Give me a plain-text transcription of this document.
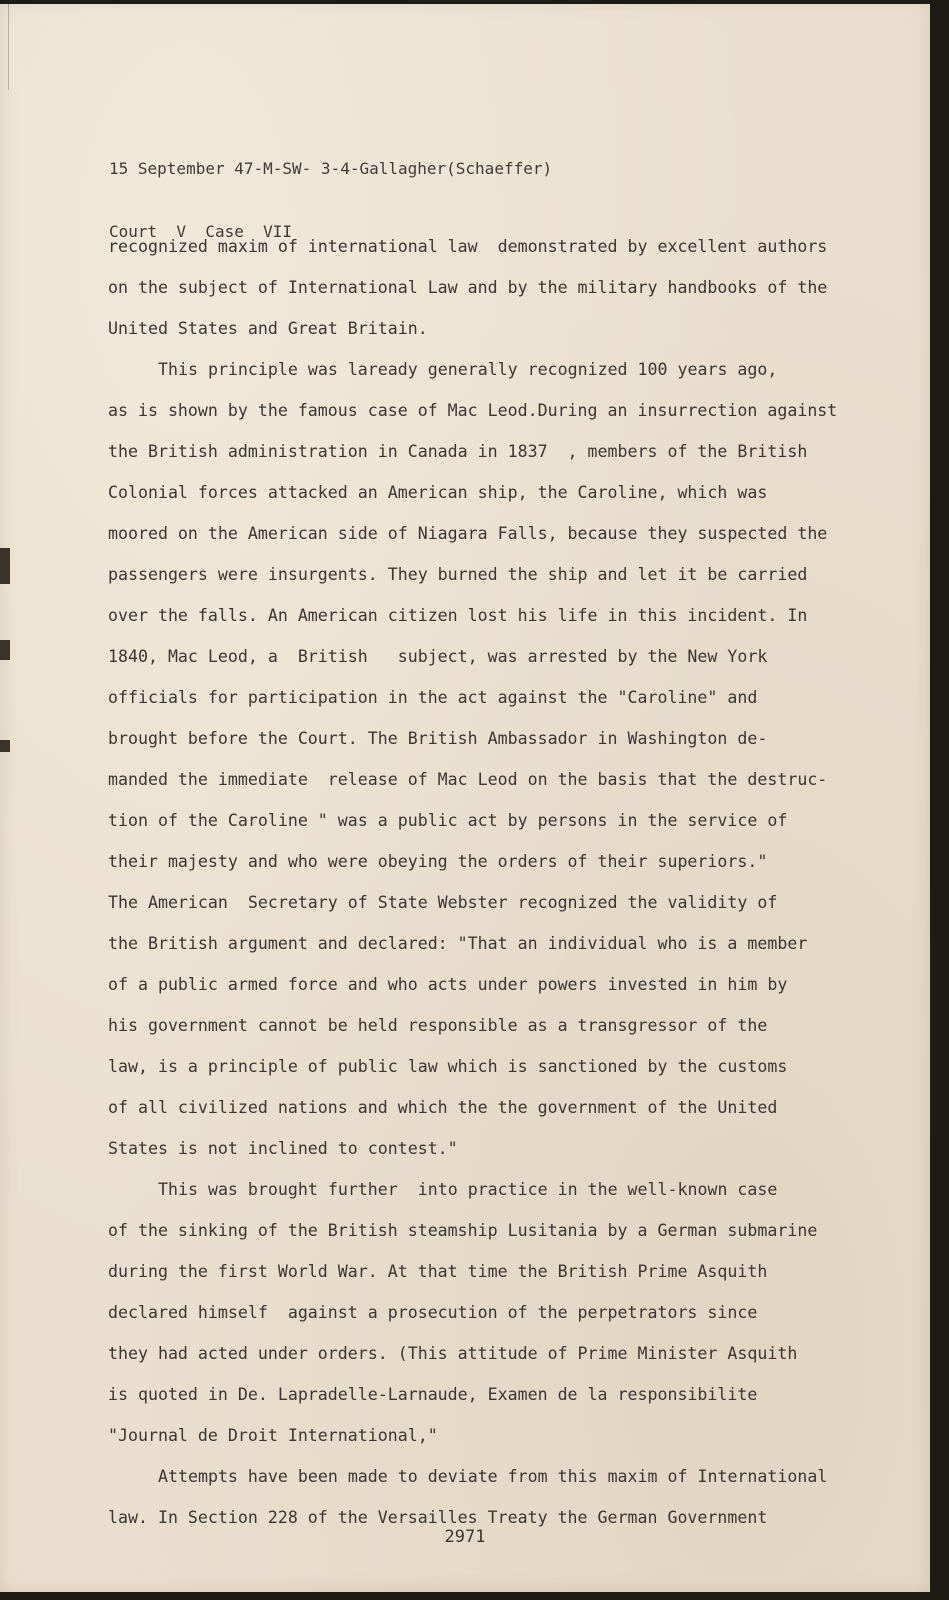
15 September 47-M-SW- 3-4-Gallagher(Schaeffer)

Court  V  Case  VII

recognized maxim of international law  demonstrated by excellent authors
on the subject of International Law and by the military handbooks of the
United States and Great Britain.
This principle was laready generally recognized 100 years ago,
as is shown by the famous case of Mac Leod.During an insurrection against
the British administration in Canada in 1837  , members of the British
Colonial forces attacked an American ship, the Caroline, which was
moored on the American side of Niagara Falls, because they suspected the
passengers were insurgents. They burned the ship and let it be carried
over the falls. An American citizen lost his life in this incident. In
1840, Mac Leod, a  British   subject, was arrested by the New York
officials for participation in the act against the "Caroline" and
brought before the Court. The British Ambassador in Washington de-
manded the immediate  release of Mac Leod on the basis that the destruc-
tion of the Caroline " was a public act by persons in the service of
their majesty and who were obeying the orders of their superiors."
The American  Secretary of State Webster recognized the validity of
the British argument and declared: "That an individual who is a member
of a public armed force and who acts under powers invested in him by
his government cannot be held responsible as a transgressor of the
law, is a principle of public law which is sanctioned by the customs
of all civilized nations and which the the government of the United
States is not inclined to contest."
This was brought further  into practice in the well-known case
of the sinking of the British steamship Lusitania by a German submarine
during the first World War. At that time the British Prime Asquith
declared himself  against a prosecution of the perpetrators since
they had acted under orders. (This attitude of Prime Minister Asquith
is quoted in De. Lapradelle-Larnaude, Examen de la responsibilite
"Journal de Droit International,"
Attempts have been made to deviate from this maxim of International
law. In Section 228 of the Versailles Treaty the German Government
2971
